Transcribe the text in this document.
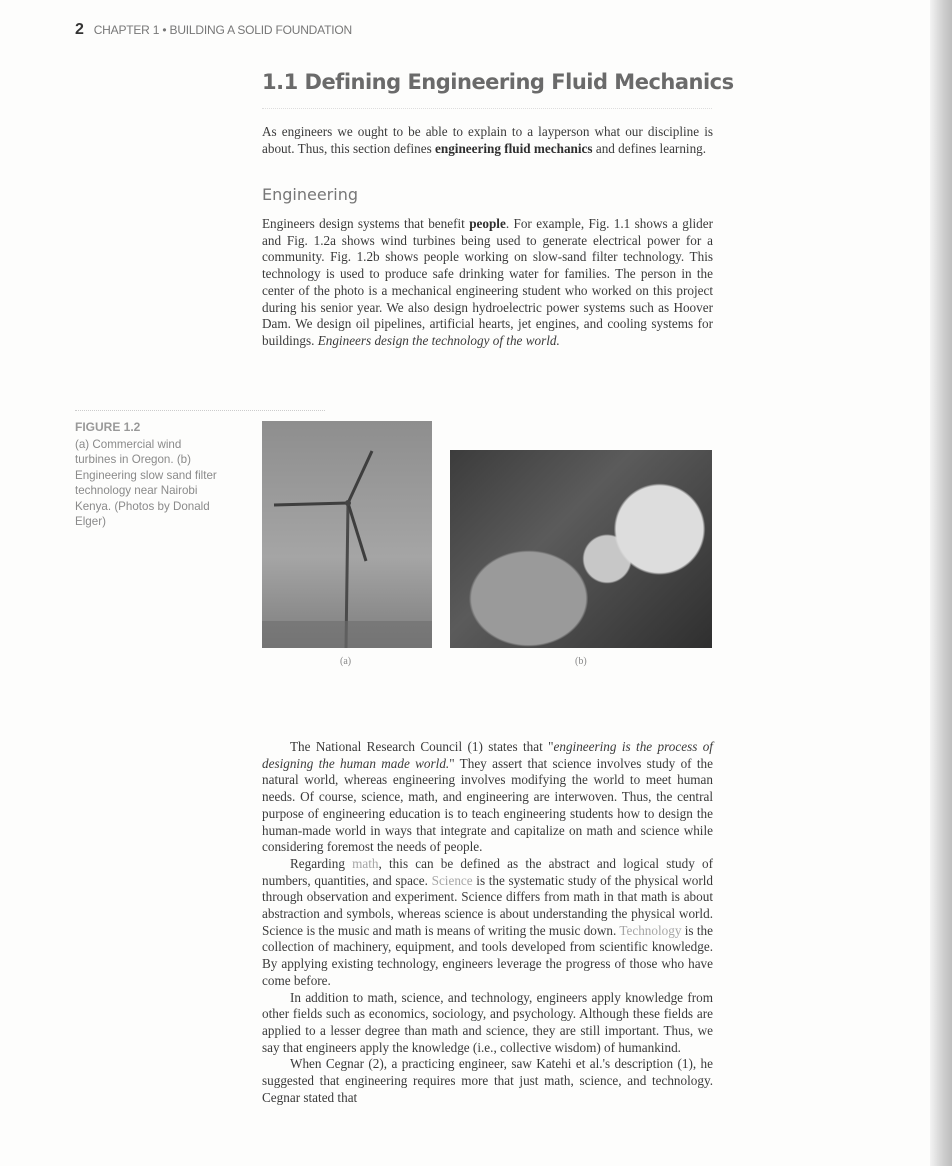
2 CHAPTER 1 • BUILDING A SOLID FOUNDATION
1.1 Defining Engineering Fluid Mechanics

As engineers we ought to be able to explain to a layperson what our discipline is about. Thus, this section defines engineering fluid mechanics and defines learning.

Engineering

Engineers design systems that benefit people. For example, Fig. 1.1 shows a glider and Fig. 1.2a shows wind turbines being used to generate electrical power for a community. Fig. 1.2b shows people working on slow-sand filter technology. This technology is used to produce safe drinking water for families. The person in the center of the photo is a mechanical engineering student who worked on this project during his senior year. We also design hydroelectric power systems such as Hoover Dam. We design oil pipelines, artificial hearts, jet engines, and cooling systems for buildings. Engineers design the technology of the world.

FIGURE 1.2
(a) Commercial wind turbines in Oregon. (b) Engineering slow sand filter technology near Nairobi Kenya. (Photos by Donald Elger)
(a)	(b)

The National Research Council (1) states that "engineering is the process of designing the human made world." They assert that science involves study of the natural world, whereas engineering involves modifying the world to meet human needs. Of course, science, math, and engineering are interwoven. Thus, the central purpose of engineering education is to teach engineering students how to design the human-made world in ways that integrate and capitalize on math and science while considering foremost the needs of people.

Regarding math, this can be defined as the abstract and logical study of numbers, quantities, and space. Science is the systematic study of the physical world through observation and experiment. Science differs from math in that math is about abstraction and symbols, whereas science is about understanding the physical world. Science is the music and math is means of writing the music down. Technology is the collection of machinery, equipment, and tools developed from scientific knowledge. By applying existing technology, engineers leverage the progress of those who have come before.

In addition to math, science, and technology, engineers apply knowledge from other fields such as economics, sociology, and psychology. Although these fields are applied to a lesser degree than math and science, they are still important. Thus, we say that engineers apply the knowledge (i.e., collective wisdom) of humankind.

When Cegnar (2), a practicing engineer, saw Katehi et al.'s description (1), he suggested that engineering requires more that just math, science, and technology. Cegnar stated that
